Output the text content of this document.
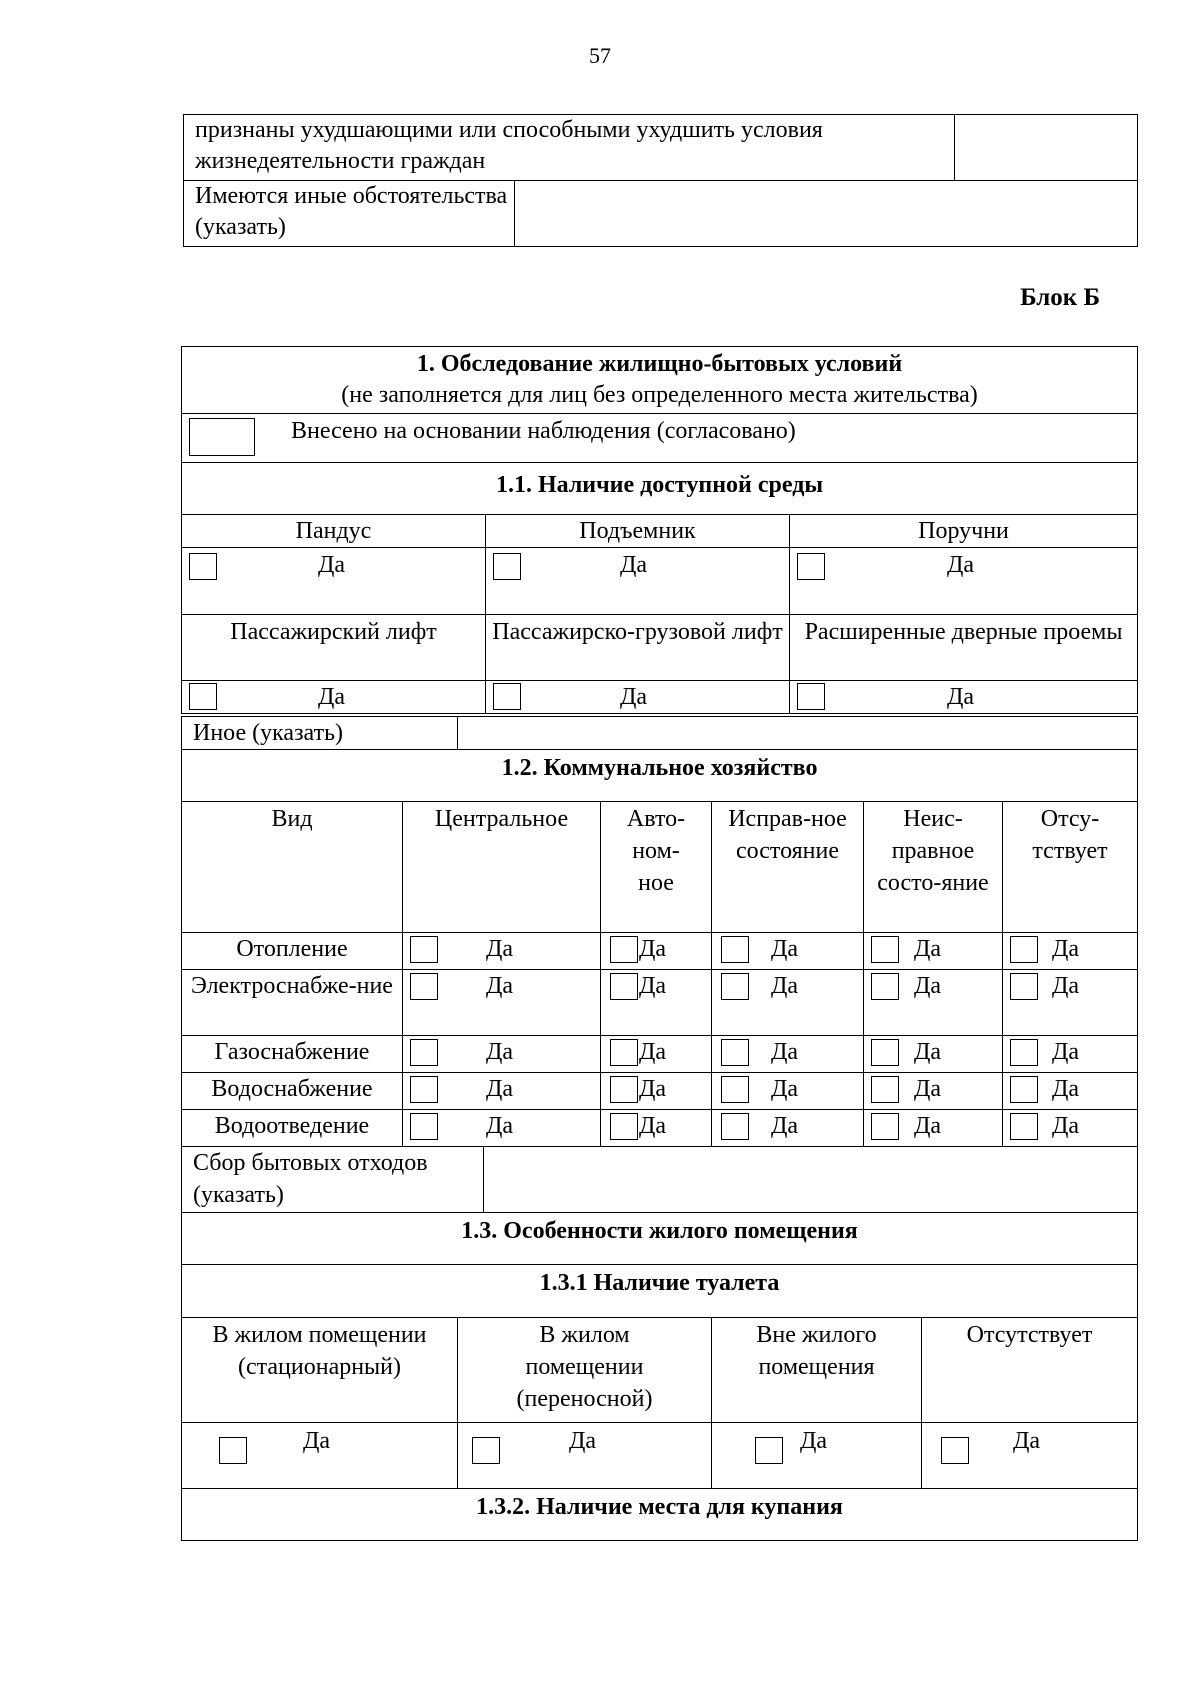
57
признаны ухудшающими или способными ухудшить условия жизнедеятельности граждан		
Имеются иные обстоятельства (указать)		
Блок Б
1. Обследование жилищно-бытовых условий
(не заполняется для лиц без определенного места жительства)		

Внесено на основании наблюдения (согласовано)		

1.1. Наличие доступной среды		
Пандус	Подъемник	Поручни

Да	Да	Да

Пассажирский лифт	Пассажирско-грузовой лифт	Расширенные дверные проемы

Да	Да	Да
Иное (указать)	
1.2. Коммунальное хозяйство					
Вид	Центральное	Авто-ном-ное	Исправ-ное состояние	Неис-правное состо-яние	Отсу-тствует
Отопление	Да	Да	Да	Да	Да

Электроснабже-ние	Да	Да	Да	Да	Да

Газоснабжение	Да	Да	Да	Да	Да

Водоснабжение	Да	Да	Да	Да	Да

Водоотведение	Да	Да	Да	Да	Да
Сбор бытовых отходов (указать)	
1.3. Особенности жилого помещения			
1.3.1 Наличие туалета			
В жилом помещении (стационарный)	В жилом помещении (переносной)	Вне жилого помещения	Отсутствует

Да	Да	Да	Да

1.3.2. Наличие места для купания			
